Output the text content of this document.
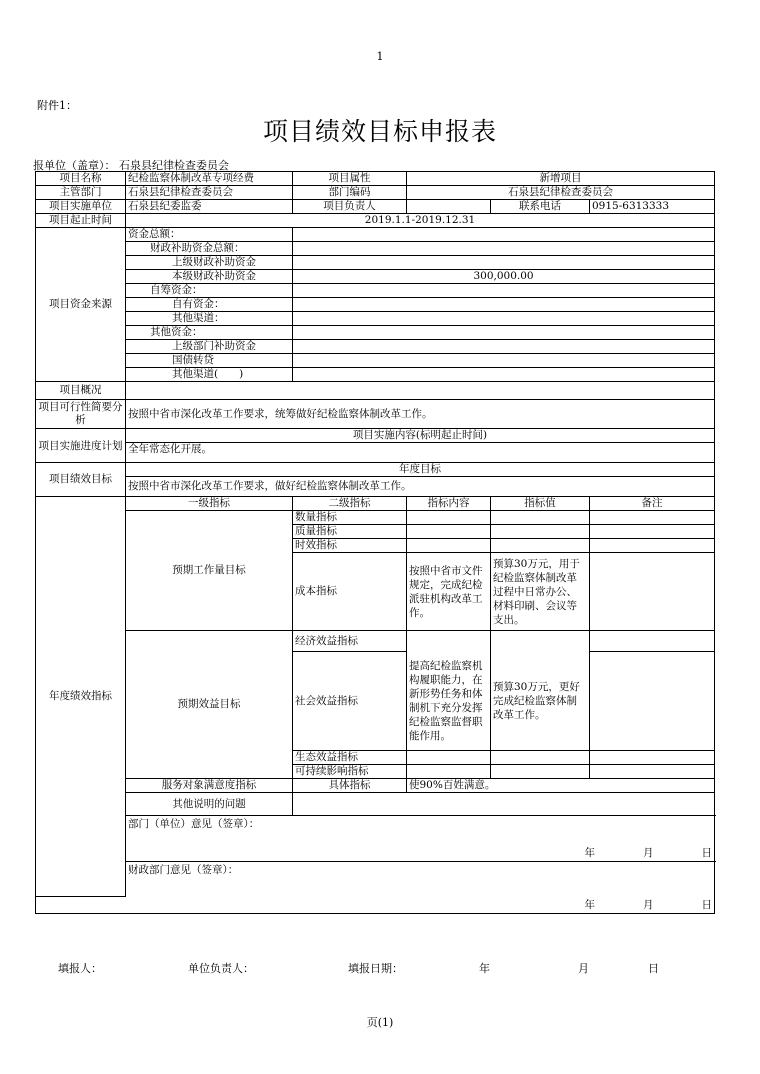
1
附件1：
项目绩效目标申报表
报单位（盖章）： 石泉县纪律检查委员会
项目名称	纪检监察体制改革专项经费	项目属性	新增项目		
主管部门	石泉县纪律检查委员会	部门编码	石泉县纪律检查委员会		
项目实施单位	石泉县纪委监委	项目负责人		联系电话	0915-6313333
项目起止时间	2019.1.1-2019.12.31				
项目资金来源	资金总额：				
	财政补助资金总额：				
	上级财政补助资金				
	本级财政补助资金	300,000.00			
	自筹资金：				
	自有资金：				
	其他渠道：				
	其他资金：				
	上级部门补助资金				
	国债转贷				
	其他渠道(　　)				
项目概况					
项目可行性简要分析	按照中省市深化改革工作要求，统筹做好纪检监察体制改革工作。				
项目实施进度计划	项目实施内容(标明起止时间)				
	全年常态化开展。				
项目绩效目标	年度目标				
	按照中省市深化改革工作要求，做好纪检监察体制改革工作。				
年度绩效指标	一级指标	二级指标	指标内容	指标值	备注
	预期工作量目标	数量指标			
		质量指标			
		时效指标			
		成本指标	按照中省市文件规定，完成纪检派驻机构改革工作。	预算30万元，用于纪检监察体制改革过程中日常办公、材料印刷、会议等支出。	
	预期效益目标	经济效益指标			
		社会效益指标	提高纪检监察机构履职能力，在新形势任务和体制机下充分发挥纪检监察监督职能作用。	预算30万元，更好完成纪检监察体制改革工作。	
		生态效益指标			
		可持续影响指标			
	服务对象满意度指标	具体指标	使90%百姓满意。		
	其他说明的问题				
	部门（单位）意见（签章）：				

	年 月 日				

	财政部门意见（签章）：				

年 月 日					
填报人：	单位负责人：	填报日期：	年	月	日
页(1)
